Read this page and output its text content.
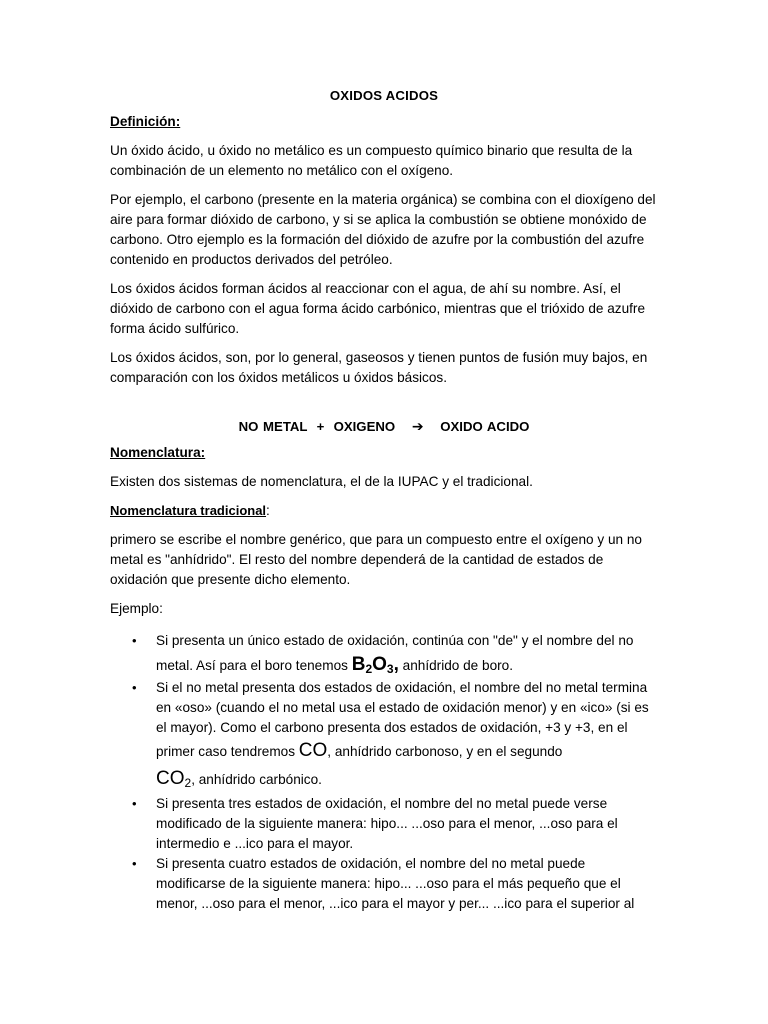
OXIDOS ACIDOS
Definición:

Un óxido ácido, u óxido no metálico es un compuesto químico binario que resulta de la combinación de un elemento no metálico con el oxígeno.

Por ejemplo, el carbono (presente en la materia orgánica) se combina con el dioxígeno del aire para formar dióxido de carbono, y si se aplica la combustión se obtiene monóxido de carbono. Otro ejemplo es la formación del dióxido de azufre por la combustión del azufre contenido en productos derivados del petróleo.

Los óxidos ácidos forman ácidos al reaccionar con el agua, de ahí su nombre. Así, el dióxido de carbono con el agua forma ácido carbónico, mientras que el trióxido de azufre forma ácido sulfúrico.

Los óxidos ácidos, son, por lo general, gaseosos y tienen puntos de fusión muy bajos, en comparación con los óxidos metálicos u óxidos básicos.

NO METAL  +  OXIGENO ➔ OXIDO ACIDO
Nomenclatura:

Existen dos sistemas de nomenclatura, el de la IUPAC y el tradicional.

Nomenclatura tradicional:

primero se escribe el nombre genérico, que para un compuesto entre el oxígeno y un no metal es "anhídrido". El resto del nombre dependerá de la cantidad de estados de oxidación que presente dicho elemento.

Ejemplo:

• Si presenta un único estado de oxidación, continúa con "de" y el nombre del no metal. Así para el boro tenemos $B_2O_3$, anhídrido de boro.
• Si el no metal presenta dos estados de oxidación, el nombre del no metal termina en «oso» (cuando el no metal usa el estado de oxidación menor) y en «ico» (si es el mayor). Como el carbono presenta dos estados de oxidación, +3 y +3, en el primer caso tendremos CO, anhídrido carbonoso, y en el segundo
$CO_2$, anhídrido carbónico.
• Si presenta tres estados de oxidación, el nombre del no metal puede verse modificado de la siguiente manera: hipo... ...oso para el menor, ...oso para el intermedio e ...ico para el mayor.
• Si presenta cuatro estados de oxidación, el nombre del no metal puede modificarse de la siguiente manera: hipo... ...oso para el más pequeño que el menor, ...oso para el menor, ...ico para el mayor y per... ...ico para el superior al
